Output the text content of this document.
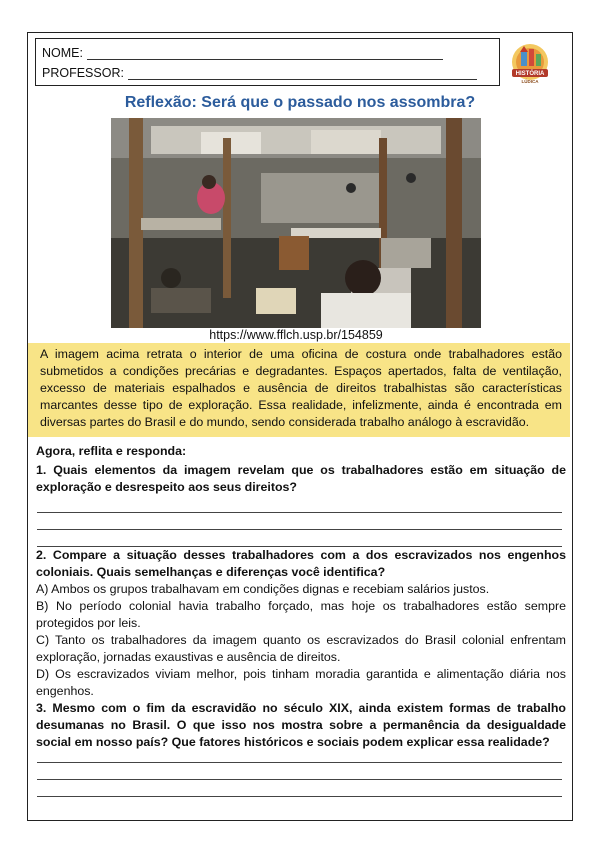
NOME:
PROFESSOR:	HISTÓRIA
LÚDICA
Reflexão: Será que o passado nos assombra?
https://www.fflch.usp.br/154859
A imagem acima retrata o interior de uma oficina de costura onde trabalhadores estão submetidos a condições precárias e degradantes. Espaços apertados, falta de ventilação, excesso de materiais espalhados e ausência de direitos trabalhistas são características marcantes desse tipo de exploração. Essa realidade, infelizmente, ainda é encontrada em diversas partes do Brasil e do mundo, sendo considerada trabalho análogo à escravidão.
Agora, reflita e responda:
1. Quais elementos da imagem revelam que os trabalhadores estão em situação de exploração e desrespeito aos seus direitos?
2. Compare a situação desses trabalhadores com a dos escravizados nos engenhos coloniais. Quais semelhanças e diferenças você identifica?
A) Ambos os grupos trabalhavam em condições dignas e recebiam salários justos.
B) No período colonial havia trabalho forçado, mas hoje os trabalhadores estão sempre protegidos por leis.
C) Tanto os trabalhadores da imagem quanto os escravizados do Brasil colonial enfrentam exploração, jornadas exaustivas e ausência de direitos.
D) Os escravizados viviam melhor, pois tinham moradia garantida e alimentação diária nos engenhos.
3. Mesmo com o fim da escravidão no século XIX, ainda existem formas de trabalho desumanas no Brasil. O que isso nos mostra sobre a permanência da desigualdade social em nosso país? Que fatores históricos e sociais podem explicar essa realidade?
